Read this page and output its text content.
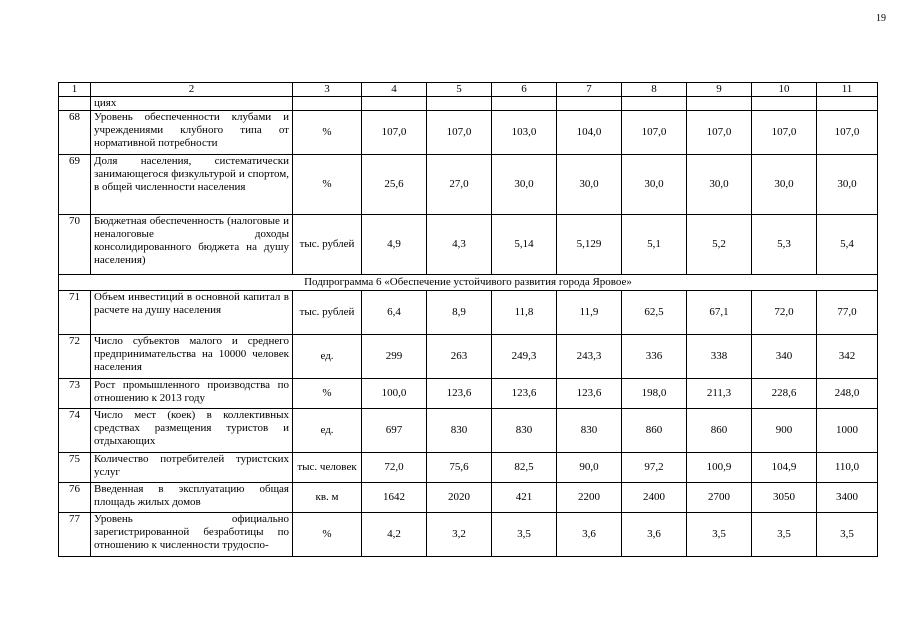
19
1	2	3	4	5	6	7	8	9	10	11
	циях									
68	Уровень обеспеченности клубами и учреждениями клубного типа от нормативной потребности	%	107,0	107,0	103,0	104,0	107,0	107,0	107,0	107,0
69	Доля населения, систематически занимающегося физкультурой и спортом, в общей численности населения	%	25,6	27,0	30,0	30,0	30,0	30,0	30,0	30,0
70	Бюджетная обеспеченность (налоговые и неналоговые доходы консолидированного бюджета на душу населения)	тыс. рублей	4,9	4,3	5,14	5,129	5,1	5,2	5,3	5,4
Подпрограмма 6 «Обеспечение устойчивого развития города Яровое»										
71	Объем инвестиций в основной капитал в расчете на душу населения	тыс. рублей	6,4	8,9	11,8	11,9	62,5	67,1	72,0	77,0
72	Число субъектов малого и среднего предпринимательства на 10000 человек населения	ед.	299	263	249,3	243,3	336	338	340	342
73	Рост промышленного производства по отношению к 2013 году	%	100,0	123,6	123,6	123,6	198,0	211,3	228,6	248,0
74	Число мест (коек) в коллективных средствах размещения туристов и отдыхающих	ед.	697	830	830	830	860	860	900	1000
75	Количество потребителей туристских услуг	тыс. человек	72,0	75,6	82,5	90,0	97,2	100,9	104,9	110,0
76	Введенная в эксплуатацию общая площадь жилых домов	кв. м	1642	2020	421	2200	2400	2700	3050	3400
77	Уровень официально зарегистрированной безработицы по отношению к численности трудоспо-	%	4,2	3,2	3,5	3,6	3,6	3,5	3,5	3,5
